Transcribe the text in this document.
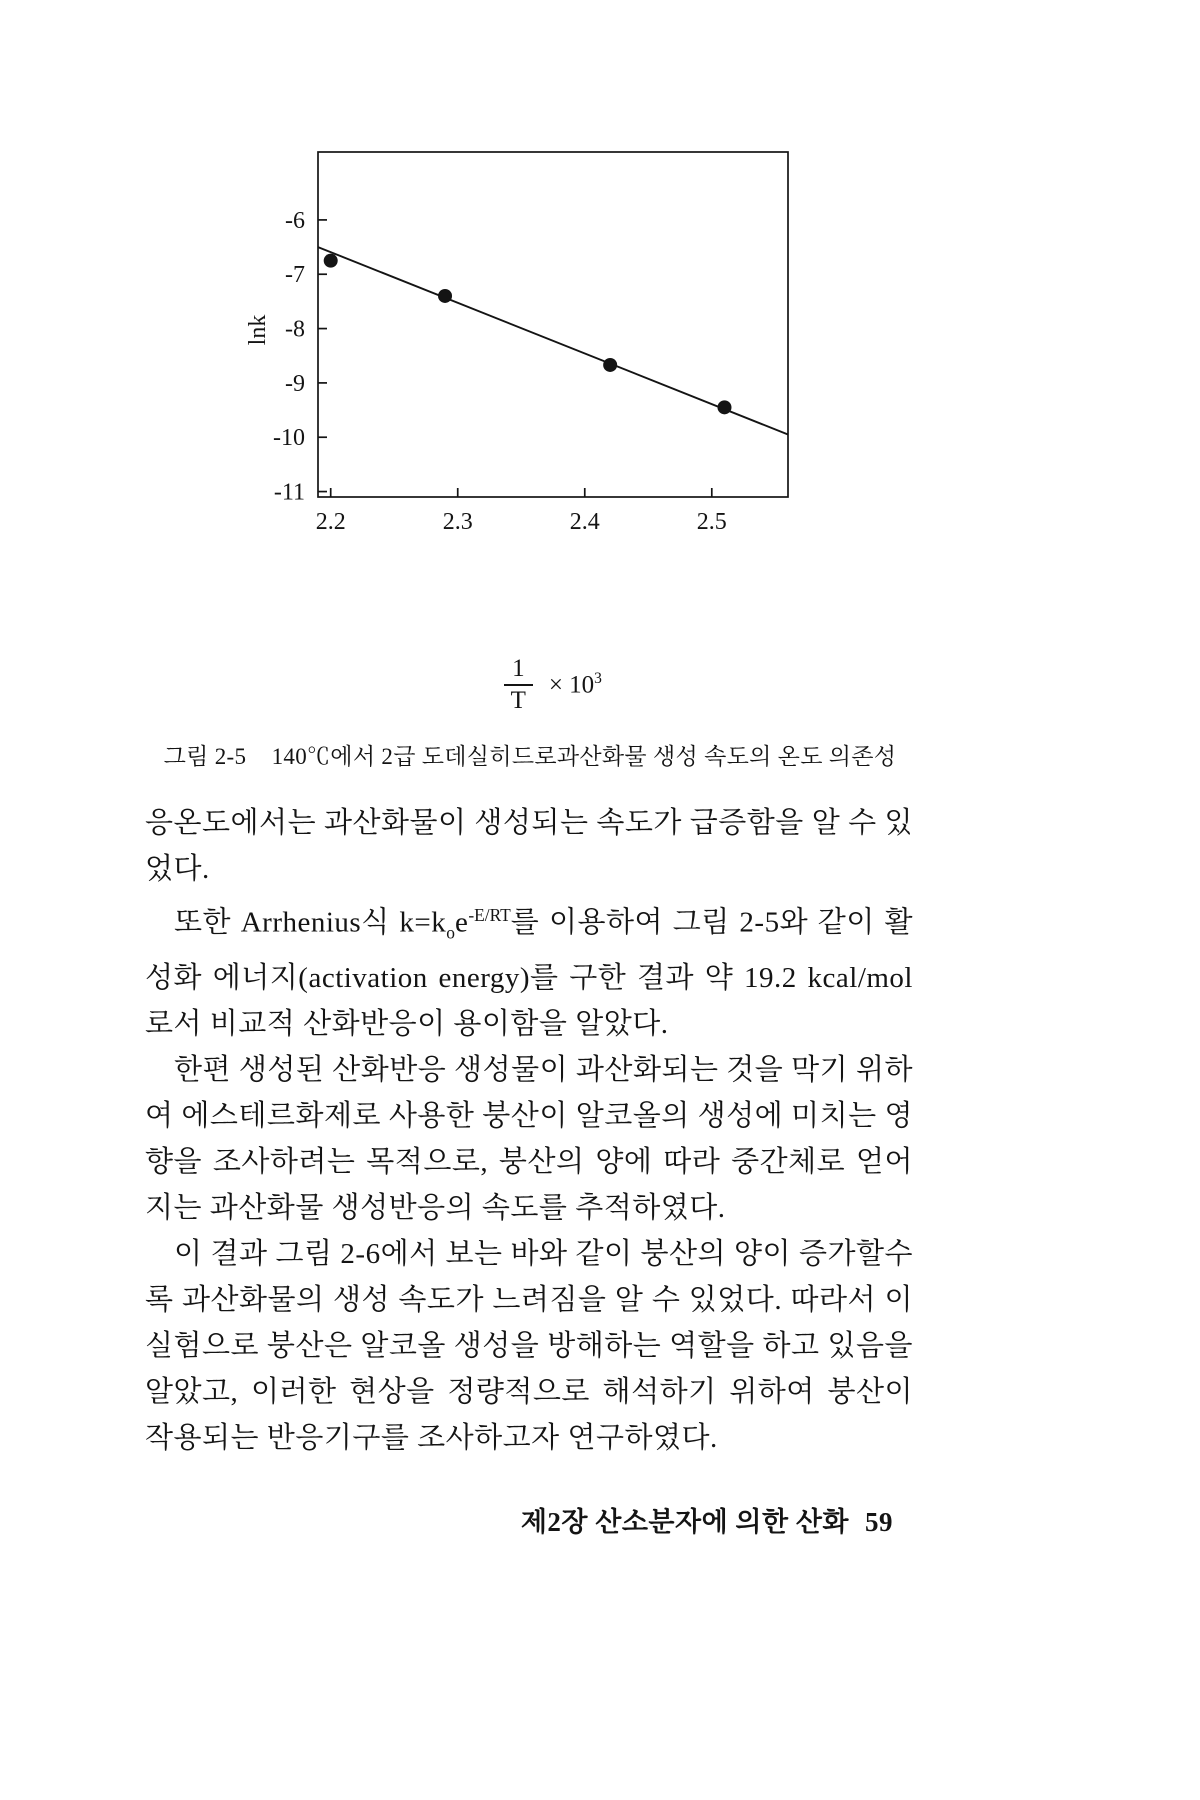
-6
-7
-8
-9
-10
-11
2.2	2.3	2.4	2.5
lnk
$\frac{1}{T} \times 10^3$
그림 2-5 140℃에서 2급 도데실히드로과산화물 생성 속도의 온도 의존성

응온도에서는 과산화물이 생성되는 속도가 급증함을 알 수 있었다.

또한 Arrhenius식 $k=k_oe^{-E/RT}$를 이용하여 그림 2-5와 같이 활성화 에너지(activation energy)를 구한 결과 약 19.2 kcal/mol로서 비교적 산화반응이 용이함을 알았다.

한편 생성된 산화반응 생성물이 과산화되는 것을 막기 위하여 에스테르화제로 사용한 붕산이 알코올의 생성에 미치는 영향을 조사하려는 목적으로, 붕산의 양에 따라 중간체로 얻어지는 과산화물 생성반응의 속도를 추적하였다.

이 결과 그림 2-6에서 보는 바와 같이 붕산의 양이 증가할수록 과산화물의 생성 속도가 느려짐을 알 수 있었다. 따라서 이 실험으로 붕산은 알코올 생성을 방해하는 역할을 하고 있음을 알았고, 이러한 현상을 정량적으로 해석하기 위하여 붕산이 작용되는 반응기구를 조사하고자 연구하였다.

제2장 산소분자에 의한 산화 59
